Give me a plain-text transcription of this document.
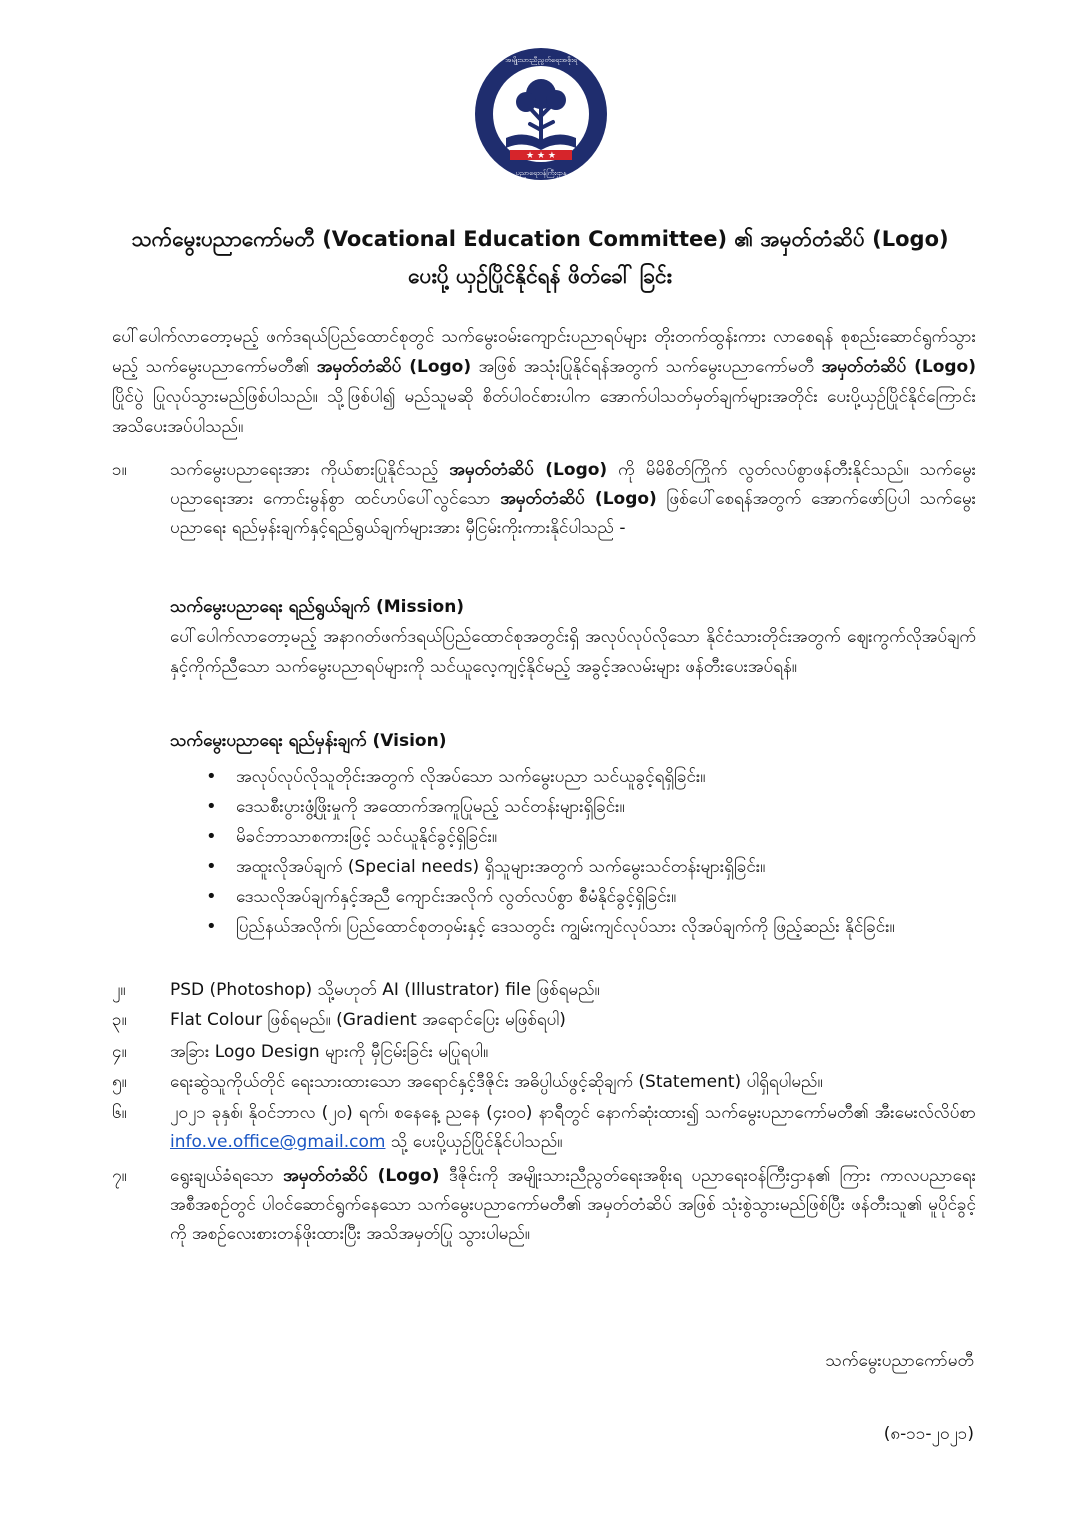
★ ★ ★
အမျိုးသားညီညွတ်ရေးအစိုးရ
ပညာရေးဝန်ကြီးဌာန
သက်မွေးပညာကော်မတီ (Vocational Education Committee) ၏ အမှတ်တံဆိပ် (Logo)
ပေးပို့ ယှဉ်ပြိုင်နိုင်ရန် ဖိတ်ခေါ် ခြင်း
ပေါ်ပေါက်လာတော့မည့် ဖက်ဒရယ်ပြည်ထောင်စုတွင် သက်မွေးဝမ်းကျောင်းပညာရပ်များ တိုးတက်ထွန်းကား လာစေရန် စုစည်းဆောင်ရွက်သွားမည့် သက်မွေးပညာကော်မတီ၏ အမှတ်တံဆိပ် (Logo) အဖြစ် အသုံးပြုနိုင်ရန်အတွက် သက်မွေးပညာကော်မတီ အမှတ်တံဆိပ် (Logo) ပြိုင်ပွဲ ပြုလုပ်သွားမည်ဖြစ်ပါသည်။ သို့ဖြစ်ပါ၍ မည်သူမဆို စိတ်ပါဝင်စားပါက အောက်ပါသတ်မှတ်ချက်များအတိုင်း ပေးပို့ယှဉ်ပြိုင်နိုင်ကြောင်း အသိပေးအပ်ပါသည်။
၁။	သက်မွေးပညာရေးအား ကိုယ်စားပြုနိုင်သည့် အမှတ်တံဆိပ် (Logo) ကို မိမိစိတ်ကြိုက် လွတ်လပ်စွာဖန်တီးနိုင်သည်။ သက်မွေးပညာရေးအား ကောင်းမွန်စွာ ထင်ဟပ်ပေါ်လွင်သော အမှတ်တံဆိပ် (Logo) ဖြစ်ပေါ်စေရန်အတွက် အောက်ဖော်ပြပါ သက်မွေးပညာရေး ရည်မှန်းချက်နှင့်ရည်ရွယ်ချက်များအား မှီငြမ်းကိုးကားနိုင်ပါသည် -
သက်မွေးပညာရေး ရည်ရွယ်ချက် (Mission)
ပေါ်ပေါက်လာတော့မည့် အနာဂတ်ဖက်ဒရယ်ပြည်ထောင်စုအတွင်းရှိ အလုပ်လုပ်လိုသော နိုင်ငံသားတိုင်းအတွက် ဈေးကွက်လိုအပ်ချက်နှင့်ကိုက်ညီသော သက်မွေးပညာရပ်များကို သင်ယူလေ့ကျင့်နိုင်မည့် အခွင့်အလမ်းများ ဖန်တီးပေးအပ်ရန်။
သက်မွေးပညာရေး ရည်မှန်းချက် (Vision)
• အလုပ်လုပ်လိုသူတိုင်းအတွက် လိုအပ်သော သက်မွေးပညာ သင်ယူခွင့်ရရှိခြင်း။
• ဒေသစီးပွားဖွံ့ဖြိုးမှုကို အထောက်အကူပြုမည့် သင်တန်းများရှိခြင်း။
• မိခင်ဘာသာစကားဖြင့် သင်ယူနိုင်ခွင့်ရှိခြင်း။
• အထူးလိုအပ်ချက် (Special needs) ရှိသူများအတွက် သက်မွေးသင်တန်းများရှိခြင်း။
• ဒေသလိုအပ်ချက်နှင့်အညီ ကျောင်းအလိုက် လွတ်လပ်စွာ စီမံနိုင်ခွင့်ရှိခြင်း။
• ပြည်နယ်အလိုက်၊ ပြည်ထောင်စုတဝှမ်းနှင့် ဒေသတွင်း ကျွမ်းကျင်လုပ်သား လိုအပ်ချက်ကို ဖြည့်ဆည်း နိုင်ခြင်း။
၂။	PSD (Photoshop) သို့မဟုတ် AI (Illustrator) file ဖြစ်ရမည်။
၃။	Flat Colour ဖြစ်ရမည်။ (Gradient အရောင်ပြေး မဖြစ်ရပါ)
၄။	အခြား Logo Design များကို မှီငြမ်းခြင်း မပြုရပါ။
၅။	ရေးဆွဲသူကိုယ်တိုင် ရေးသားထားသော အရောင်နှင့်ဒီဇိုင်း အဓိပ္ပါယ်ဖွင့်ဆိုချက် (Statement) ပါရှိရပါမည်။
၆။	၂၀၂၁ ခုနှစ်၊ နိုဝင်ဘာလ (၂၀) ရက်၊ စနေနေ့ ညနေ (၄း၀၀) နာရီတွင် နောက်ဆုံးထား၍ သက်မွေးပညာကော်မတီ၏ အီးမေးလ်လိပ်စာ info.ve.office@gmail.com သို့ ပေးပို့ယှဉ်ပြိုင်နိုင်ပါသည်။
၇။	ရွေးချယ်ခံရသော အမှတ်တံဆိပ် (Logo) ဒီဇိုင်းကို အမျိုးသားညီညွတ်ရေးအစိုးရ ပညာရေးဝန်ကြီးဌာန၏ ကြား ကာလပညာရေး အစီအစဉ်တွင် ပါဝင်ဆောင်ရွက်နေသော သက်မွေးပညာကော်မတီ၏ အမှတ်တံဆိပ် အဖြစ် သုံးစွဲသွားမည်ဖြစ်ပြီး ဖန်တီးသူ၏ မူပိုင်ခွင့်ကို အစဉ်လေးစားတန်ဖိုးထားပြီး အသိအမှတ်ပြု သွားပါမည်။
သက်မွေးပညာကော်မတီ
(၈-၁၁-၂၀၂၁)
